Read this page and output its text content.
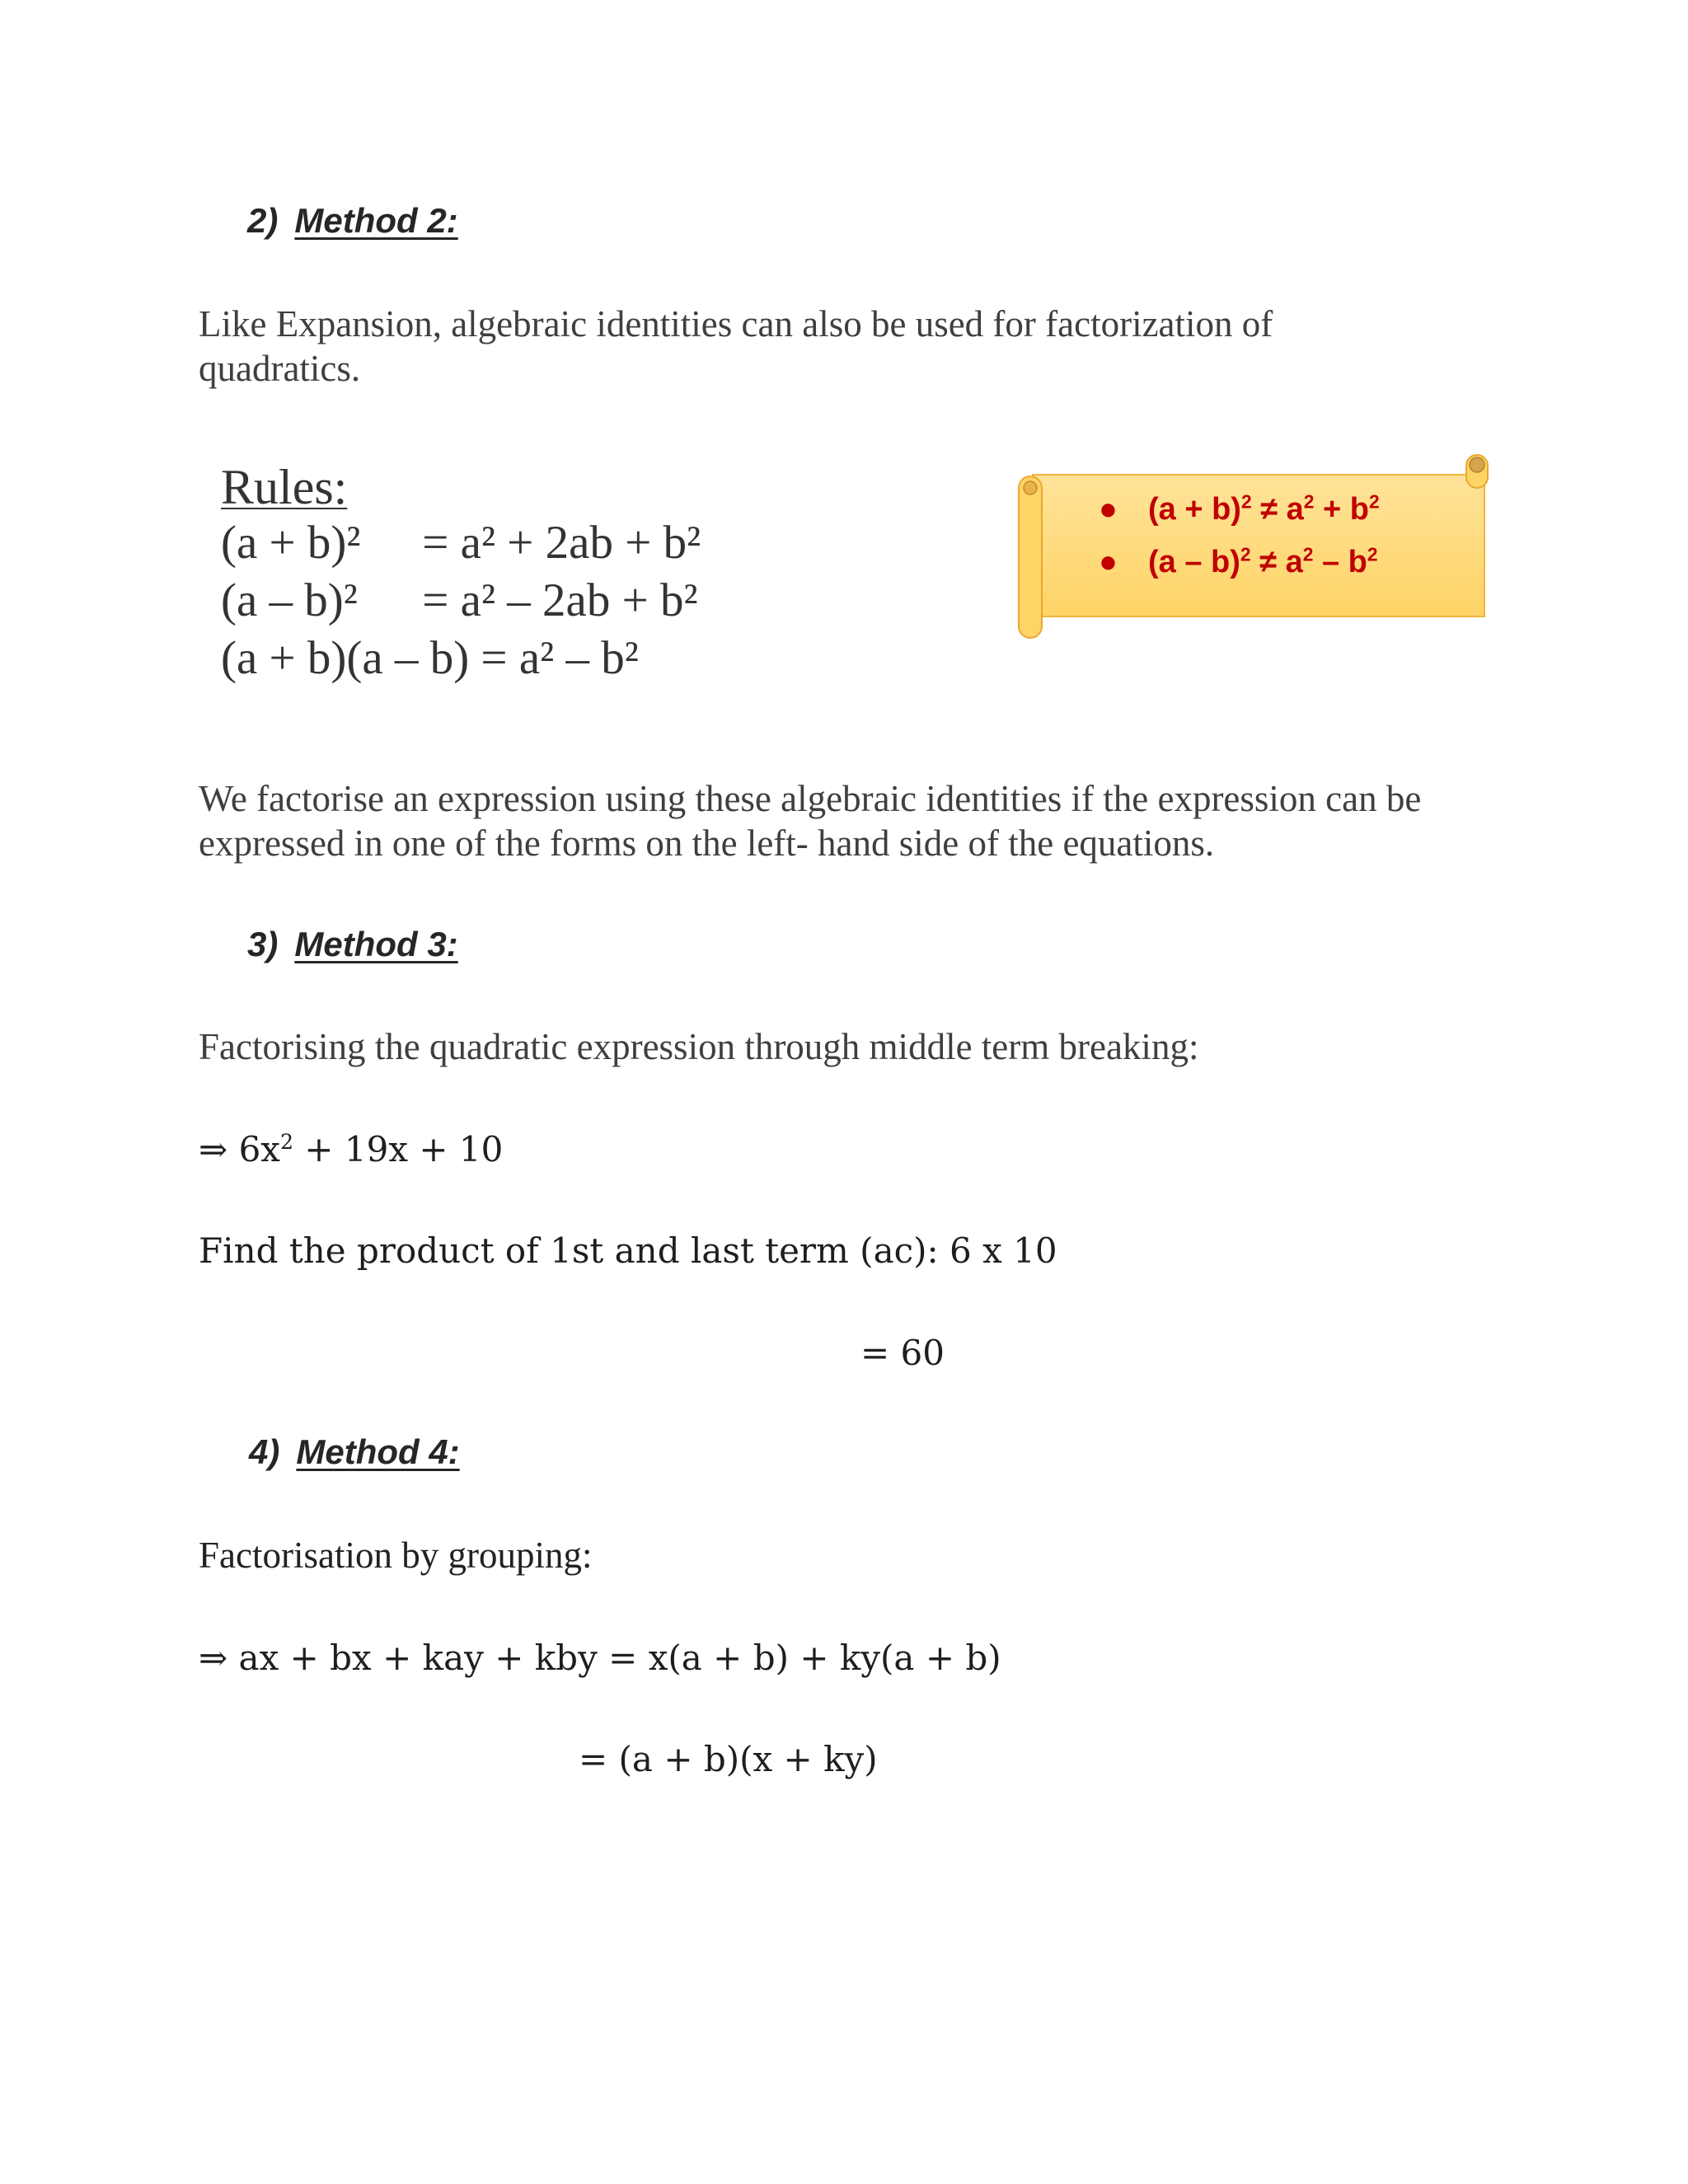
2) Method 2:
Like Expansion, algebraic identities can also be used for factorization of quadratics.
Rules:
(a + b)² = a² + 2ab + b²
(a – b)² = a² – 2ab + b²
(a + b)(a – b) = a² – b²
● $(a + b)^2 \ne a^2 + b^2$
● $(a - b)^2 \ne a^2 - b^2$
We factorise an expression using these algebraic identities if the expression can be expressed in one of the forms on the left- hand side of the equations.
3) Method 3:
Factorising the quadratic expression through middle term breaking:
⇒ $6x^2 + 19x + 10$
Find the product of 1st and last term (ac): 6 x 10
= 60
4) Method 4:
Factorisation by grouping:
⇒ ax + bx + kay + kby = x(a + b) + ky(a + b)
= (a + b)(x + ky)
